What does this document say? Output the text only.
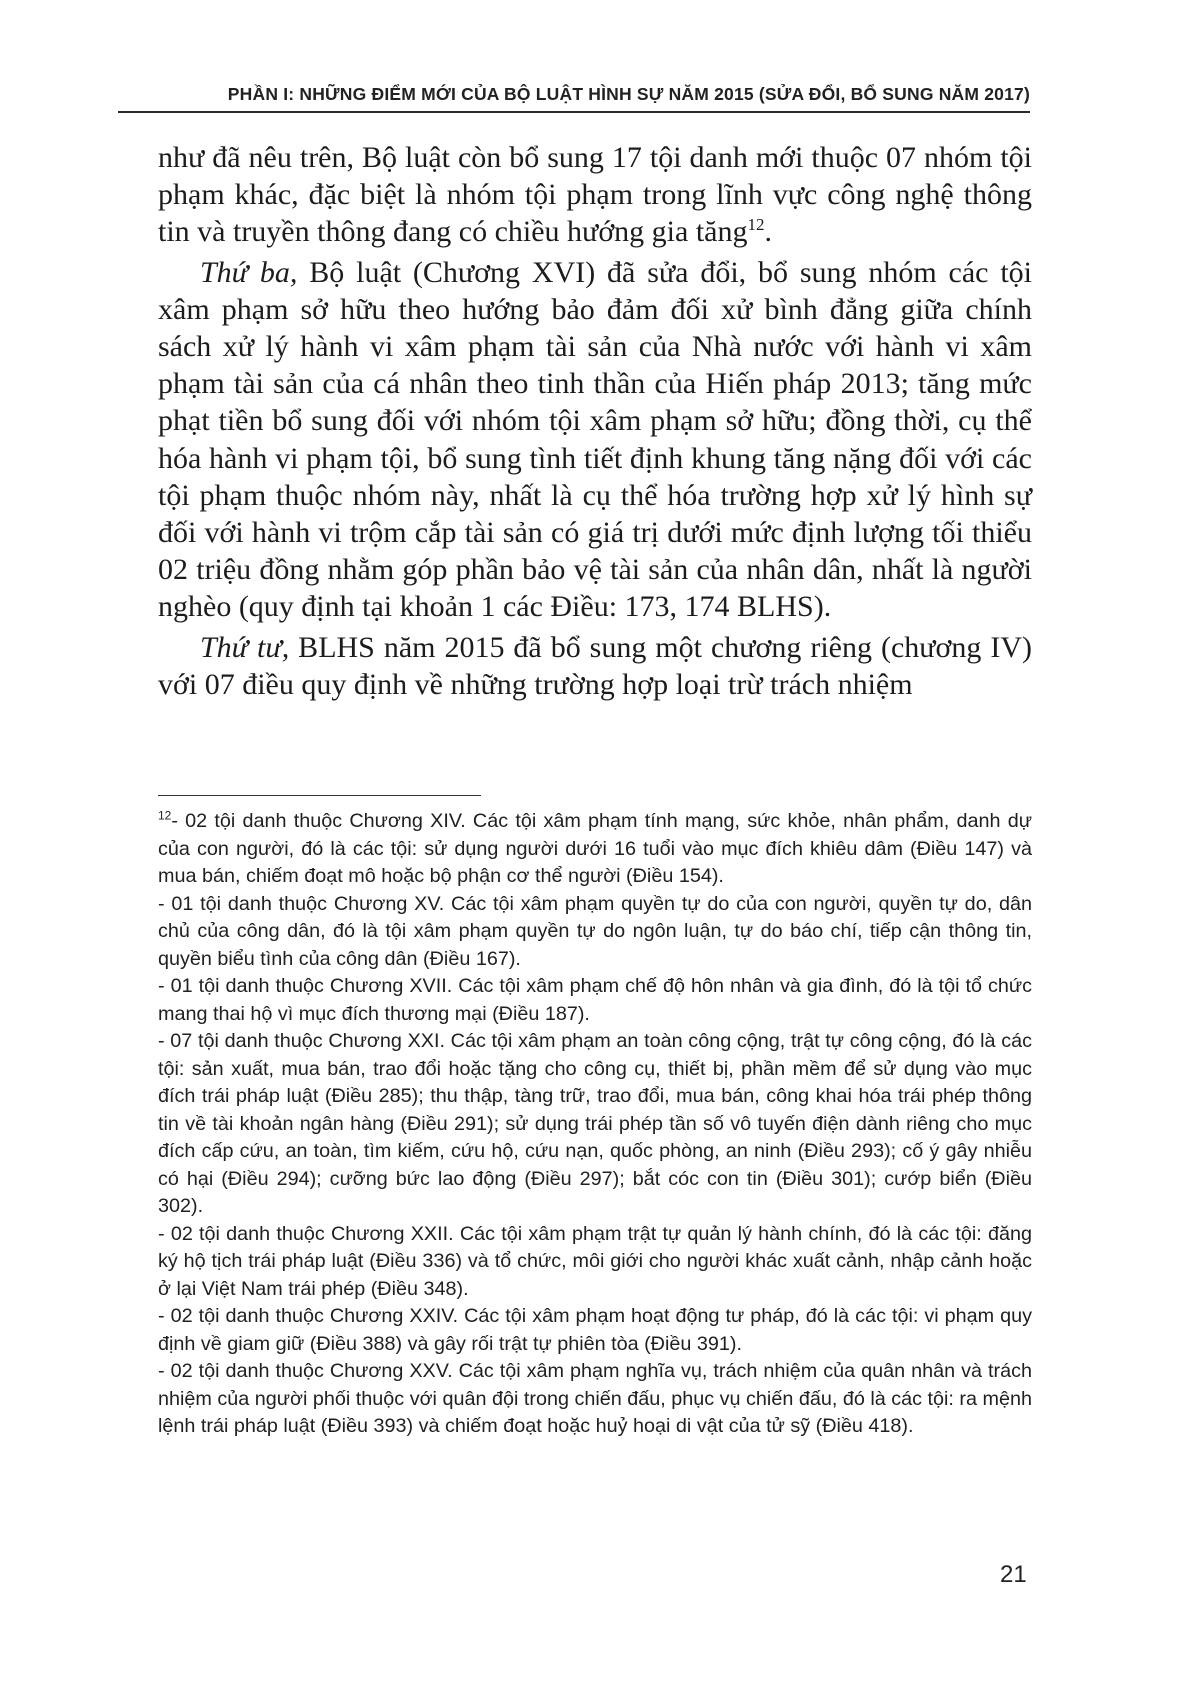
PHẦN I: NHỮNG ĐIỂM MỚI CỦA BỘ LUẬT HÌNH SỰ NĂM 2015 (SỬA ĐỔI, BỔ SUNG NĂM 2017)

như đã nêu trên, Bộ luật còn bổ sung 17 tội danh mới thuộc 07 nhóm tội phạm khác, đặc biệt là nhóm tội phạm trong lĩnh vực công nghệ thông tin và truyền thông đang có chiều hướng gia tăng$^{12}$.

Thứ ba, Bộ luật (Chương XVI) đã sửa đổi, bổ sung nhóm các tội xâm phạm sở hữu theo hướng bảo đảm đối xử bình đẳng giữa chính sách xử lý hành vi xâm phạm tài sản của Nhà nước với hành vi xâm phạm tài sản của cá nhân theo tinh thần của Hiến pháp 2013; tăng mức phạt tiền bổ sung đối với nhóm tội xâm phạm sở hữu; đồng thời, cụ thể hóa hành vi phạm tội, bổ sung tình tiết định khung tăng nặng đối với các tội phạm thuộc nhóm này, nhất là cụ thể hóa trường hợp xử lý hình sự đối với hành vi trộm cắp tài sản có giá trị dưới mức định lượng tối thiểu 02 triệu đồng nhằm góp phần bảo vệ tài sản của nhân dân, nhất là người nghèo (quy định tại khoản 1 các Điều: 173, 174 BLHS).

Thứ tư, BLHS năm 2015 đã bổ sung một chương riêng (chương IV) với 07 điều quy định về những trường hợp loại trừ trách nhiệm

$^{12}$- 02 tội danh thuộc Chương XIV. Các tội xâm phạm tính mạng, sức khỏe, nhân phẩm, danh dự của con người, đó là các tội: sử dụng người dưới 16 tuổi vào mục đích khiêu dâm (Điều 147) và mua bán, chiếm đoạt mô hoặc bộ phận cơ thể người (Điều 154).

- 01 tội danh thuộc Chương XV. Các tội xâm phạm quyền tự do của con người, quyền tự do, dân chủ của công dân, đó là tội xâm phạm quyền tự do ngôn luận, tự do báo chí, tiếp cận thông tin, quyền biểu tình của công dân (Điều 167).

- 01 tội danh thuộc Chương XVII. Các tội xâm phạm chế độ hôn nhân và gia đình, đó là tội tổ chức mang thai hộ vì mục đích thương mại (Điều 187).

- 07 tội danh thuộc Chương XXI. Các tội xâm phạm an toàn công cộng, trật tự công cộng, đó là các tội: sản xuất, mua bán, trao đổi hoặc tặng cho công cụ, thiết bị, phần mềm để sử dụng vào mục đích trái pháp luật (Điều 285); thu thập, tàng trữ, trao đổi, mua bán, công khai hóa trái phép thông tin về tài khoản ngân hàng (Điều 291); sử dụng trái phép tần số vô tuyến điện dành riêng cho mục đích cấp cứu, an toàn, tìm kiếm, cứu hộ, cứu nạn, quốc phòng, an ninh (Điều 293); cố ý gây nhiễu có hại (Điều 294); cưỡng bức lao động (Điều 297); bắt cóc con tin (Điều 301); cướp biển (Điều 302).

- 02 tội danh thuộc Chương XXII. Các tội xâm phạm trật tự quản lý hành chính, đó là các tội: đăng ký hộ tịch trái pháp luật (Điều 336) và tổ chức, môi giới cho người khác xuất cảnh, nhập cảnh hoặc ở lại Việt Nam trái phép (Điều 348).

- 02 tội danh thuộc Chương XXIV. Các tội xâm phạm hoạt động tư pháp, đó là các tội: vi phạm quy định về giam giữ (Điều 388) và gây rối trật tự phiên tòa (Điều 391).

- 02 tội danh thuộc Chương XXV. Các tội xâm phạm nghĩa vụ, trách nhiệm của quân nhân và trách nhiệm của người phối thuộc với quân đội trong chiến đấu, phục vụ chiến đấu, đó là các tội: ra mệnh lệnh trái pháp luật (Điều 393) và chiếm đoạt hoặc huỷ hoại di vật của tử sỹ (Điều 418).

21
